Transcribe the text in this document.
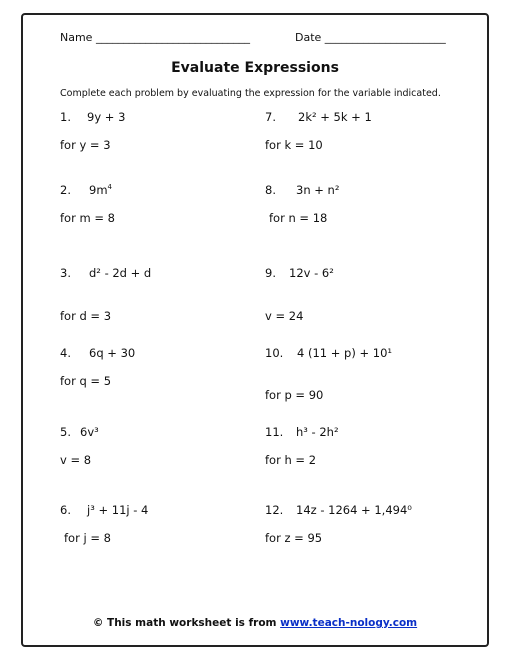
Name ____________________________	Date ______________________
Evaluate Expressions
Complete each problem by evaluating the expression for the variable indicated.
1. 9y + 3
for y = 3
2. $9m^4$
for m = 8
3. d² - 2d + d
for d = 3
4. 6q + 30
for q = 5
5. 6v³
v = 8
6. j³ + 11j - 4
for j = 8
7. 2k² + 5k + 1
for k = 10
8. 3n + n²
for n = 18
9. 12v - 6²
v = 24
10. 4 (11 + p) + 10¹
for p = 90
11. h³ - 2h²
for h = 2
12. 14z - 1264 + 1,494⁰
for z = 95
© This math worksheet is from www.teach-nology.com
